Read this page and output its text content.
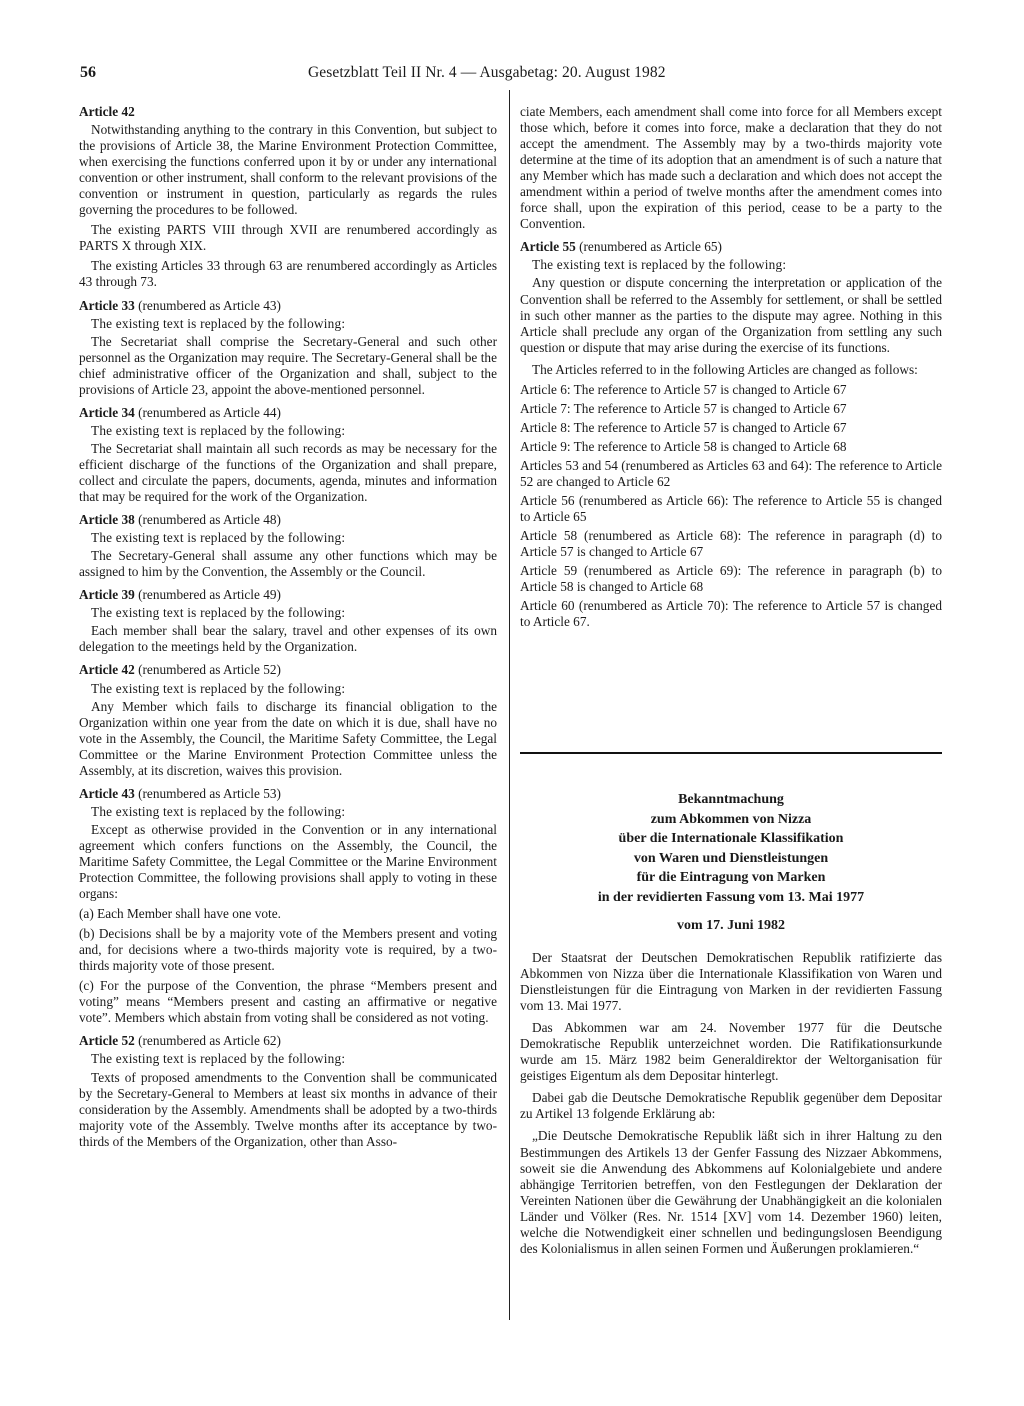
56	Gesetzblatt Teil II Nr. 4 — Ausgabetag: 20. August 1982

Article 42

Notwithstanding anything to the contrary in this Convention, but subject to the provisions of Article 38, the Marine Environment Protection Committee, when exercising the functions conferred upon it by or under any international convention or other instrument, shall conform to the relevant provisions of the convention or instrument in question, particularly as regards the rules governing the procedures to be followed.

The existing PARTS VIII through XVII are renumbered accordingly as PARTS X through XIX.

The existing Articles 33 through 63 are renumbered accordingly as Articles 43 through 73.

Article 33 (renumbered as Article 43)

The existing text is replaced by the following:

The Secretariat shall comprise the Secretary-General and such other personnel as the Organization may require. The Secretary-General shall be the chief administrative officer of the Organization and shall, subject to the provisions of Article 23, appoint the above-mentioned personnel.

Article 34 (renumbered as Article 44)

The existing text is replaced by the following:

The Secretariat shall maintain all such records as may be necessary for the efficient discharge of the functions of the Organization and shall prepare, collect and circulate the papers, documents, agenda, minutes and information that may be required for the work of the Organization.

Article 38 (renumbered as Article 48)

The existing text is replaced by the following:

The Secretary-General shall assume any other functions which may be assigned to him by the Convention, the Assembly or the Council.

Article 39 (renumbered as Article 49)

The existing text is replaced by the following:

Each member shall bear the salary, travel and other expenses of its own delegation to the meetings held by the Organization.

Article 42 (renumbered as Article 52)

The existing text is replaced by the following:

Any Member which fails to discharge its financial obligation to the Organization within one year from the date on which it is due, shall have no vote in the Assembly, the Council, the Maritime Safety Committee, the Legal Committee or the Marine Environment Protection Committee unless the Assembly, at its discretion, waives this provision.

Article 43 (renumbered as Article 53)

The existing text is replaced by the following:

Except as otherwise provided in the Convention or in any international agreement which confers functions on the Assembly, the Council, the Maritime Safety Committee, the Legal Committee or the Marine Environment Protection Committee, the following provisions shall apply to voting in these organs:

(a) Each Member shall have one vote.

(b) Decisions shall be by a majority vote of the Members present and voting and, for decisions where a two-thirds majority vote is required, by a two-thirds majority vote of those present.

(c) For the purpose of the Convention, the phrase “Members present and voting” means “Members present and casting an affirmative or negative vote”. Members which abstain from voting shall be considered as not voting.

Article 52 (renumbered as Article 62)

The existing text is replaced by the following:

Texts of proposed amendments to the Convention shall be communicated by the Secretary-General to Members at least six months in advance of their consideration by the Assembly. Amendments shall be adopted by a two-thirds majority vote of the Assembly. Twelve months after its acceptance by two-thirds of the Members of the Organization, other than Asso-

ciate Members, each amendment shall come into force for all Members except those which, before it comes into force, make a declaration that they do not accept the amendment. The Assembly may by a two-thirds majority vote determine at the time of its adoption that an amendment is of such a nature that any Member which has made such a declaration and which does not accept the amendment within a period of twelve months after the amendment comes into force shall, upon the expiration of this period, cease to be a party to the Convention.

Article 55 (renumbered as Article 65)

The existing text is replaced by the following:

Any question or dispute concerning the interpretation or application of the Convention shall be referred to the Assembly for settlement, or shall be settled in such other manner as the parties to the dispute may agree. Nothing in this Article shall preclude any organ of the Organization from settling any such question or dispute that may arise during the exercise of its functions.

The Articles referred to in the following Articles are changed as follows:

Article 6: The reference to Article 57 is changed to Article 67

Article 7: The reference to Article 57 is changed to Article 67

Article 8: The reference to Article 57 is changed to Article 67

Article 9: The reference to Article 58 is changed to Article 68

Articles 53 and 54 (renumbered as Articles 63 and 64): The reference to Article 52 are changed to Article 62

Article 56 (renumbered as Article 66): The reference to Article 55 is changed to Article 65

Article 58 (renumbered as Article 68): The reference in paragraph (d) to Article 57 is changed to Article 67

Article 59 (renumbered as Article 69): The reference in paragraph (b) to Article 58 is changed to Article 68

Article 60 (renumbered as Article 70): The reference to Article 57 is changed to Article 67.

Bekanntmachung
zum Abkommen von Nizza
über die Internationale Klassifikation
von Waren und Dienstleistungen
für die Eintragung von Marken
in der revidierten Fassung vom 13. Mai 1977
vom 17. Juni 1982

Der Staatsrat der Deutschen Demokratischen Republik ratifizierte das Abkommen von Nizza über die Internationale Klassifikation von Waren und Dienstleistungen für die Eintragung von Marken in der revidierten Fassung vom 13. Mai 1977.

Das Abkommen war am 24. November 1977 für die Deutsche Demokratische Republik unterzeichnet worden. Die Ratifikationsurkunde wurde am 15. März 1982 beim Generaldirektor der Weltorganisation für geistiges Eigentum als dem Depositar hinterlegt.

Dabei gab die Deutsche Demokratische Republik gegenüber dem Depositar zu Artikel 13 folgende Erklärung ab:

„Die Deutsche Demokratische Republik läßt sich in ihrer Haltung zu den Bestimmungen des Artikels 13 der Genfer Fassung des Nizzaer Abkommens, soweit sie die Anwendung des Abkommens auf Kolonialgebiete und andere abhängige Territorien betreffen, von den Festlegungen der Deklaration der Vereinten Nationen über die Gewährung der Unabhängigkeit an die kolonialen Länder und Völker (Res. Nr. 1514 [XV] vom 14. Dezember 1960) leiten, welche die Notwendigkeit einer schnellen und bedingungslosen Beendigung des Kolonialismus in allen seinen Formen und Äußerungen proklamieren.“
